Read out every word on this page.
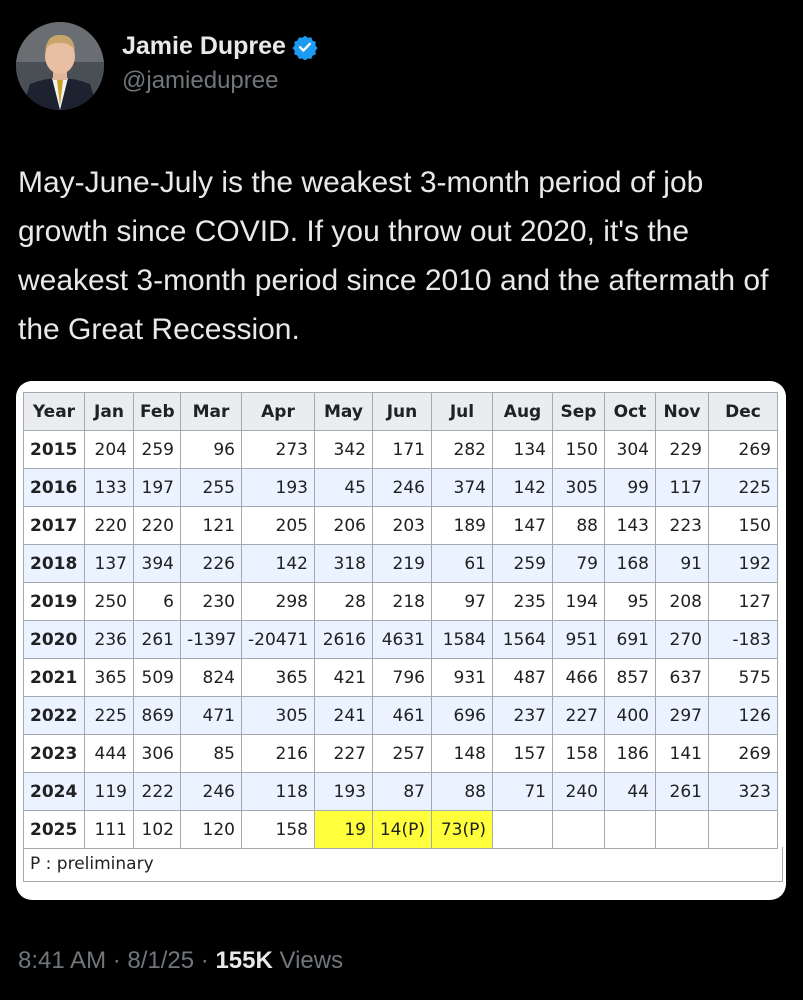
Jamie Dupree
@jamiedupree
May-June-July is the weakest 3-month period of job growth since COVID. If you throw out 2020, it's the weakest 3-month period since 2010 and the aftermath of the Great Recession.
Year	Jan	Feb	Mar	Apr	May	Jun	Jul	Aug	Sep	Oct	Nov	Dec
2015	204	259	96	273	342	171	282	134	150	304	229	269
2016	133	197	255	193	45	246	374	142	305	99	117	225
2017	220	220	121	205	206	203	189	147	88	143	223	150
2018	137	394	226	142	318	219	61	259	79	168	91	192
2019	250	6	230	298	28	218	97	235	194	95	208	127
2020	236	261	-1397	-20471	2616	4631	1584	1564	951	691	270	-183
2021	365	509	824	365	421	796	931	487	466	857	637	575
2022	225	869	471	305	241	461	696	237	227	400	297	126
2023	444	306	85	216	227	257	148	157	158	186	141	269
2024	119	222	246	118	193	87	88	71	240	44	261	323
2025	111	102	120	158	19	14(P)	73(P)					
P : preliminary
8:41 AM · 8/1/25 · 155K Views
